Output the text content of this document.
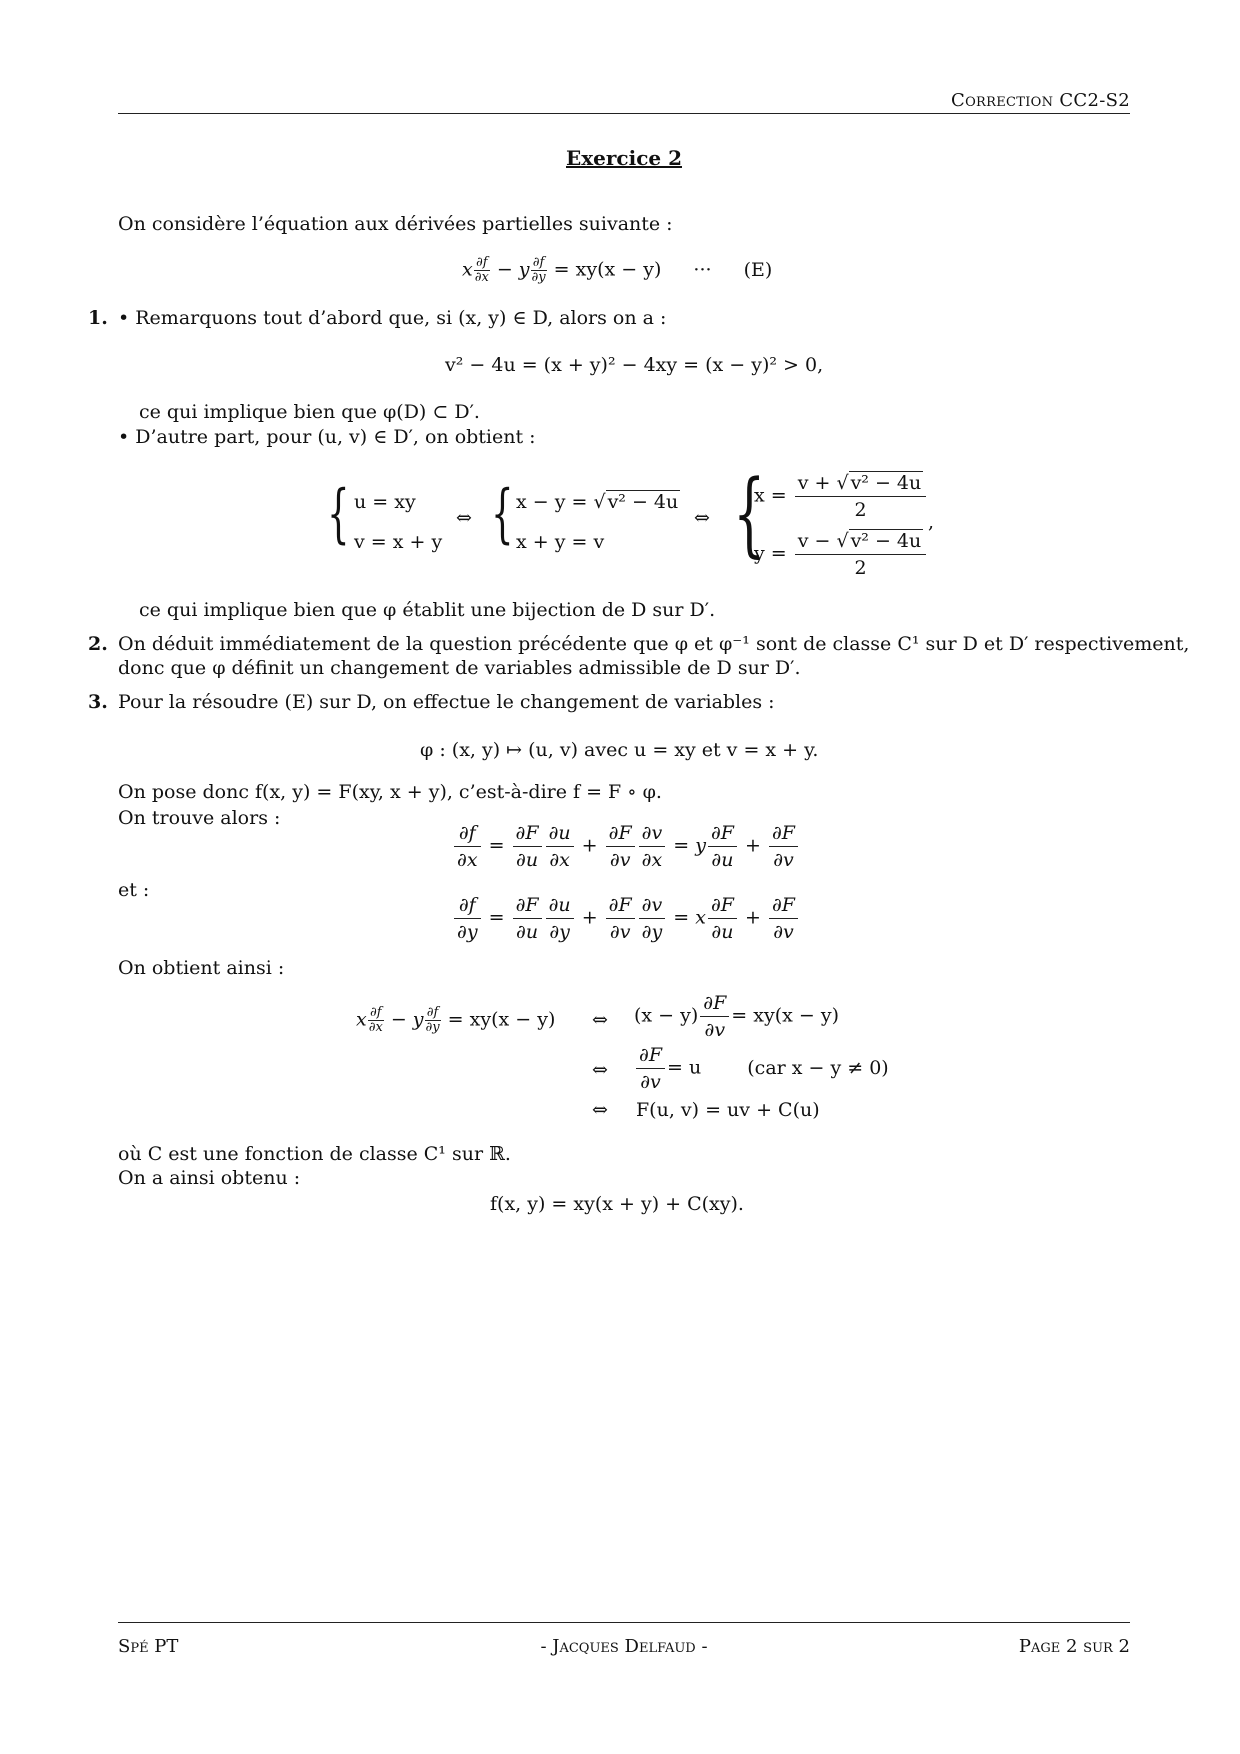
Correction CC2-S2
Exercice 2
On considère l’équation aux dérivées partielles suivante :
x $\frac{\partial f}{\partial x} - y \frac{\partial f}{\partial y} = xy(x - y)$ ··· (E)
1. • Remarquons tout d’abord que, si (x, y) ∈ D, alors on a :
v² − 4u = (x + y)² − 4xy = (x − y)² > 0,
ce qui implique bien que φ(D) ⊂ D′.
• D’autre part, pour (u, v) ∈ D′, on obtient :
{ u = xy
v = x + y
⇔ { x − y = √ v² − 4u
x + y = v
⇔ {
$x = \frac{\text{v + √ v² − 4u}}{2}$
$y = \frac{\text{v − √ v² − 4u}}{2}$
,
ce qui implique bien que φ établit une bijection de D sur D′.
2. On déduit immédiatement de la question précédente que φ et φ⁻¹ sont de classe C¹ sur D et D′ respectivement,
donc que φ définit un changement de variables admissible de D sur D′.
3. Pour la résoudre (E) sur D, on effectue le changement de variables :
φ : (x, y) ↦ (u, v) avec u = xy et v = x + y.
On pose donc f(x, y) = F(xy, x + y), c’est-à-dire f = F ∘ φ.
On trouve alors :
$\frac{\partial f}{\partial x} = \frac{\partial F}{\partial u} \frac{\partial u}{\partial x} + \frac{\partial F}{\partial v} \frac{\partial v}{\partial x} = y \frac{\partial F}{\partial u} + \frac{\partial F}{\partial v}$
et :
$\frac{\partial f}{\partial y} = \frac{\partial F}{\partial u} \frac{\partial u}{\partial y} + \frac{\partial F}{\partial v} \frac{\partial v}{\partial y} = x \frac{\partial F}{\partial u} + \frac{\partial F}{\partial v}$
On obtient ainsi :
x $\frac{\partial f}{\partial x} - y \frac{\partial f}{\partial y} = xy(x - y)$ ⇔ $(x - y) \frac{\partial F}{\partial v} = xy(x - y)$
⇔ $\frac{\partial F}{\partial v} = u$ (car x − y ≠ 0)
⇔ F(u, v) = uv + C(u)
où C est une fonction de classe C¹ sur ℝ.
On a ainsi obtenu :
f(x, y) = xy(x + y) + C(xy).
Spé PT	- Jacques Delfaud -	Page 2 sur 2
